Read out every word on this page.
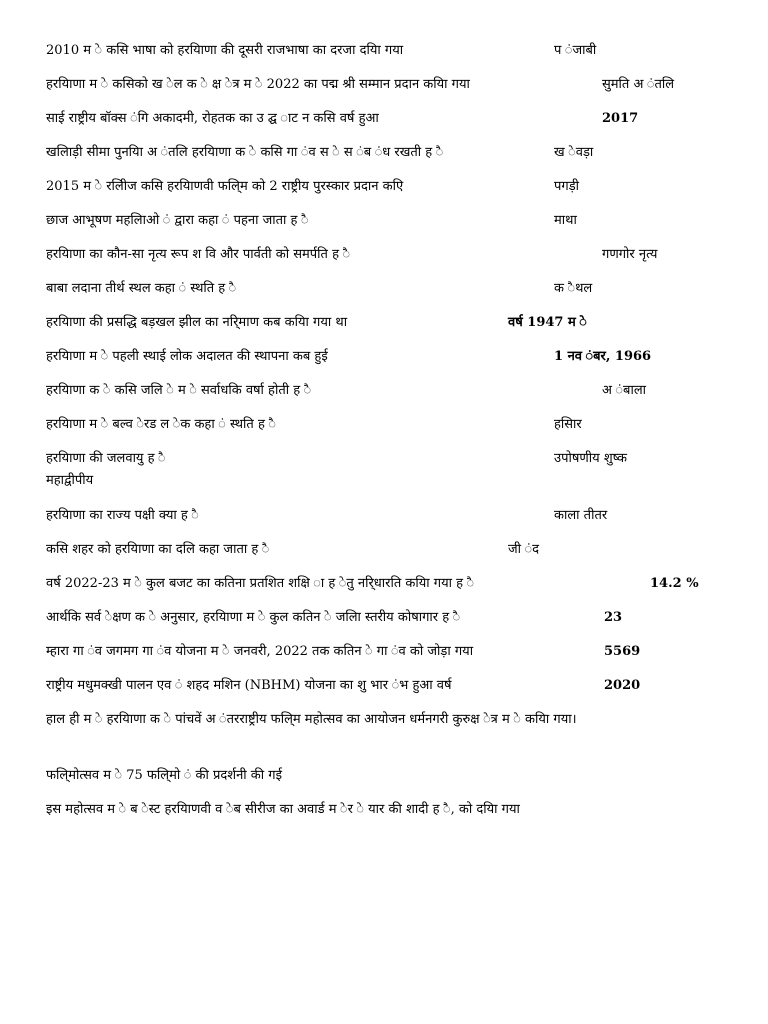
2010 म े कसि भाषा को हरयिाणा की दूसरी राजभाषा का दरजा दयिा गया	प ंजाबी
हरयिाणा म े कसिको ख ेल क े क्ष ेत्र म े 2022 का पद्म श्री सम्मान प्रदान कयिा गया	सुमति अ ंतलि
साई राष्ट्रीय बॉक्स ंगि अकादमी, रोहतक का उ द्घ ाट न कसि वर्ष हुआ	2017
खलिाड़ी सीमा पुनयिा अ ंतलि हरयिाणा क े कसि गा ंव स े स ंब ंध रखती ह ै	ख ेवड़ा
2015 म े रलिीज कसि हरयिाणवी फलि्म को 2 राष्ट्रीय पुरस्कार प्रदान कएि	पगड़ी
छाज आभूषण महलिाओ ं द्वारा कहा ं पहना जाता ह ै	माथा
हरयिाणा का कौन-सा नृत्य रूप श वि और पार्वती को समर्पति ह ै	गणगोर नृत्य
बाबा लदाना तीर्थ स्थल कहा ं स्थति ह ै	क ैथल
हरयिाणा की प्रसद्धि बड़खल झील का नरि्माण कब कयिा गया था	वर्ष 1947 म े
हरयिाणा म े पहली स्थाई लोक अदालत की स्थापना कब हुई	1 नव ंबर, 1966
हरयिाणा क े कसि जलि े म े सर्वाधकि वर्षा होती ह ै	अ ंबाला
हरयिाणा म े बल्व ेरड ल ेक कहा ं स्थति ह ै	हसिार
हरयिाणा की जलवायु ह ै	उपोषणीय शुष्क
महाद्वीपीय
हरयिाणा का राज्य पक्षी क्या ह ै	काला तीतर
कसि शहर को हरयिाणा का दलि कहा जाता ह ै	जी ंद
वर्ष 2022-23 म े कुल बजट का कतिना प्रतशित शक्षि ा ह ेतु नरि्धारति कयिा गया ह ै	14.2 %
आर्थकि सर्व ेक्षण क े अनुसार, हरयिाणा म े कुल कतिन े जलिा स्तरीय कोषागार ह ै	23
म्हारा गा ंव जगमग गा ंव योजना म े जनवरी, 2022 तक कतिन े गा ंव को जोड़ा गया	5569
राष्ट्रीय मधुमक्खी पालन एव ं शहद मशिन (NBHM) योजना का शु भार ंभ हुआ वर्ष	2020
हाल ही म े हरयिाणा क े पांचवें अ ंतरराष्ट्रीय फलि्म महोत्सव का आयोजन धर्मनगरी कुरुक्ष ेत्र म े कयिा गया।
फलि्मोत्सव म े 75 फलि्मो ं की प्रदर्शनी की गई
इस महोत्सव म े ब ेस्ट हरयिाणवी व ेब सीरीज का अवार्ड म ेर े यार की शादी ह ै, को दयिा गया
